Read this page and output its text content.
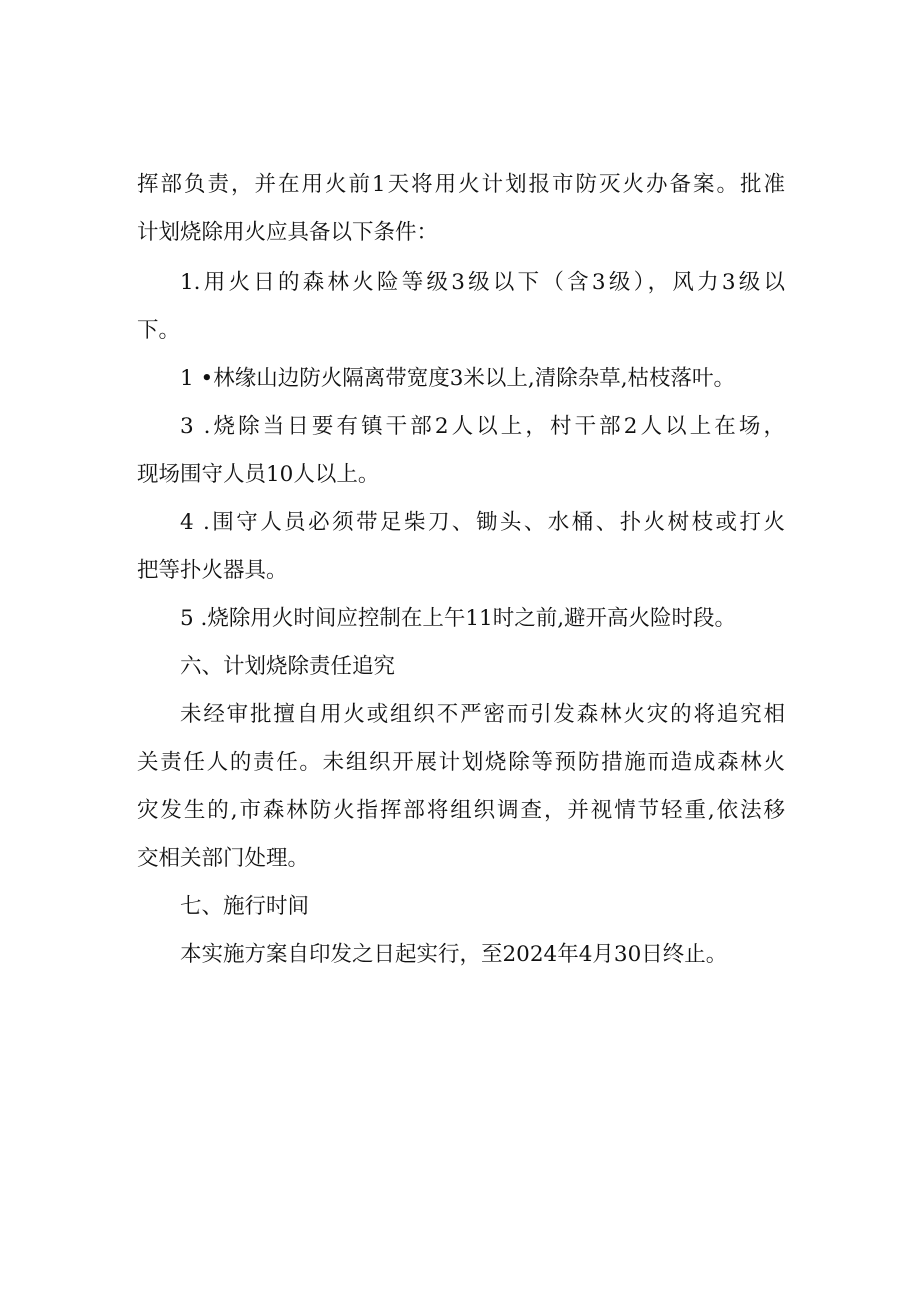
挥部负责，并在用火前1天将用火计划报市防灭火办备案。批准
计划烧除用火应具备以下条件：
1.用火日的森林火险等级3级以下（含3级），风力3级以
下。
1 •林缘山边防火隔离带宽度3米以上,清除杂草,枯枝落叶。
3 .烧除当日要有镇干部2人以上，村干部2人以上在场，
现场围守人员10人以上。
4 .围守人员必须带足柴刀、锄头、水桶、扑火树枝或打火
把等扑火器具。
5 .烧除用火时间应控制在上午11时之前,避开高火险时段。
六、计划烧除责任追究
未经审批擅自用火或组织不严密而引发森林火灾的将追究相
关责任人的责任。未组织开展计划烧除等预防措施而造成森林火
灾发生的,市森林防火指挥部将组织调查，并视情节轻重,依法移
交相关部门处理。
七、施行时间
本实施方案自印发之日起实行，至2024年4月30日终止。
